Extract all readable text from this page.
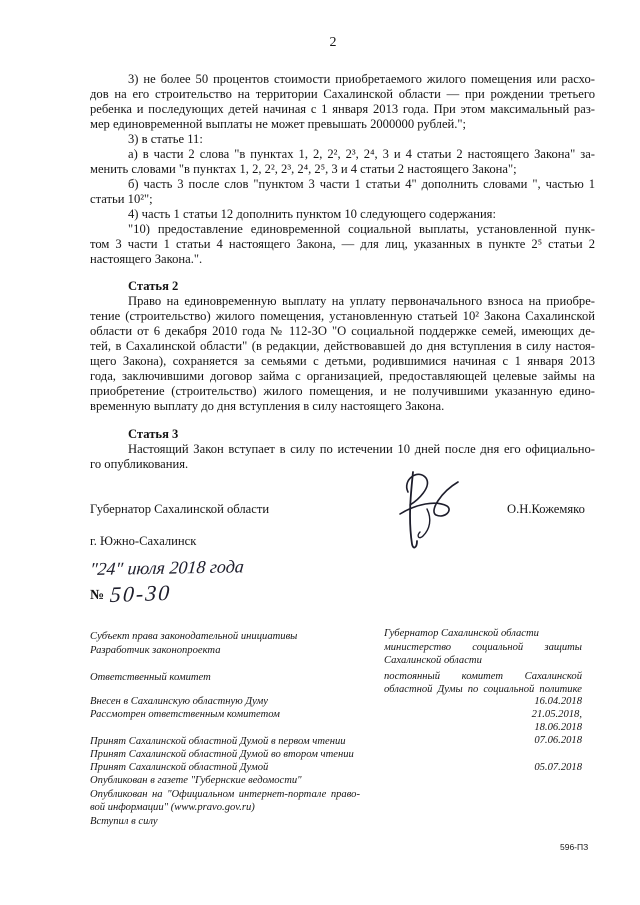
2
3) не более 50 процентов стоимости приобретаемого жилого помещения или расхо-
дов на его строительство на территории Сахалинской области — при рождении третьего
ребенка и последующих детей начиная с 1 января 2013 года. При этом максимальный раз-
мер единовременной выплаты не может превышать 2000000 рублей.";
3) в статье 11:
а) в части 2 слова "в пунктах 1, 2, 2², 2³, 2⁴, 3 и 4 статьи 2 настоящего Закона" за-
менить словами "в пунктах 1, 2, 2², 2³, 2⁴, 2⁵, 3 и 4 статьи 2 настоящего Закона";
б) часть 3 после слов "пунктом 3 части 1 статьи 4" дополнить словами ", частью 1
статьи 10²";
4) часть 1 статьи 12 дополнить пунктом 10 следующего содержания:
"10) предоставление единовременной социальной выплаты, установленной пунк-
том 3 части 1 статьи 4 настоящего Закона, — для лиц, указанных в пункте 2⁵ статьи 2
настоящего Закона.".
Статья 2
Право на единовременную выплату на уплату первоначального взноса на приобре-
тение (строительство) жилого помещения, установленную статьей 10² Закона Сахалинской
области от 6 декабря 2010 года № 112-ЗО "О социальной поддержке семей, имеющих де-
тей, в Сахалинской области" (в редакции, действовавшей до дня вступления в силу настоя-
щего Закона), сохраняется за семьями с детьми, родившимися начиная с 1 января 2013
года, заключившими договор займа с организацией, предоставляющей целевые займы на
приобретение (строительство) жилого помещения, и не получившими указанную едино-
временную выплату до дня вступления в силу настоящего Закона.
Статья 3
Настоящий Закон вступает в силу по истечении 10 дней после дня его официально-
го опубликования.
Губернатор Сахалинской области	О.Н.Кожемяко
г. Южно-Сахалинск
"24" июля 2018 года
№ 50-30
Субъект права законодательной инициативы
Разработчик законопроекта
Ответственный комитет
Внесен в Сахалинскую областную Думу
Рассмотрен ответственным комитетом
Принят Сахалинской областной Думой в первом чтении
Принят Сахалинской областной Думой во втором чтении
Принят Сахалинской областной Думой
Опубликован в газете "Губернские ведомости"
Опубликован на "Официальном интернет-портале право-
вой информации" (www.pravo.gov.ru)
Вступил в силу
Губернатор Сахалинской области
министерство социальной защиты
Сахалинской области
постоянный комитет Сахалинской
областной Думы по социальной политике
16.04.2018
21.05.2018,
18.06.2018
07.06.2018
05.07.2018
596-ПЗ
